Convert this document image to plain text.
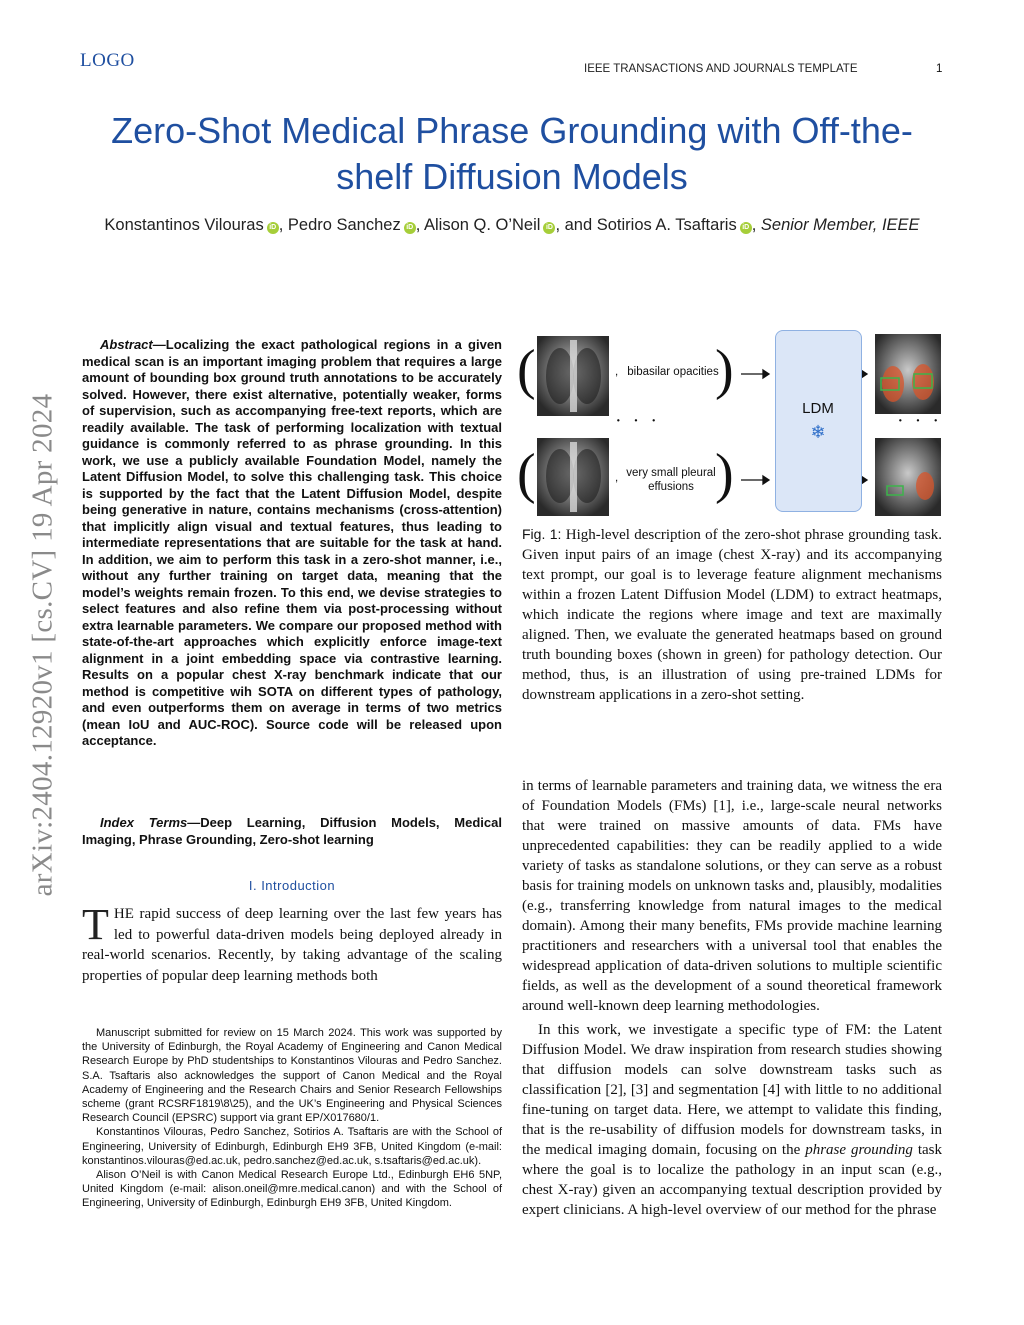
LOGO	IEEE TRANSACTIONS AND JOURNALS TEMPLATE	1
Zero-Shot Medical Phrase Grounding with Off-the-shelf Diffusion Models
Konstantinos Vilouras iD , Pedro Sanchez iD , Alison Q. O’Neil iD , and Sotirios A. Tsaftaris iD , Senior Member, IEEE
arXiv:2404.12920v1 [cs.CV] 19 Apr 2024
Abstract—Localizing the exact pathological regions in a given medical scan is an important imaging problem that requires a large amount of bounding box ground truth annotations to be accurately solved. However, there exist alternative, potentially weaker, forms of supervision, such as accompanying free-text reports, which are readily available. The task of performing localization with textual guidance is commonly referred to as phrase grounding. In this work, we use a publicly available Foundation Model, namely the Latent Diffusion Model, to solve this challenging task. This choice is supported by the fact that the Latent Diffusion Model, despite being generative in nature, contains mechanisms (cross-attention) that implicitly align visual and textual features, thus leading to intermediate representations that are suitable for the task at hand. In addition, we aim to perform this task in a zero-shot manner, i.e., without any further training on target data, meaning that the model’s weights remain frozen. To this end, we devise strategies to select features and also refine them via post-processing without extra learnable parameters. We compare our proposed method with state-of-the-art approaches which explicitly enforce image-text alignment in a joint embedding space via contrastive learning. Results on a popular chest X-ray benchmark indicate that our method is competitive wih SOTA on different types of pathology, and even outperforms them on average in terms of two metrics (mean IoU and AUC-ROC). Source code will be released upon acceptance.
Index Terms—Deep Learning, Diffusion Models, Medical Imaging, Phrase Grounding, Zero-shot learning
I. Introduction
THE rapid success of deep learning over the last few years has led to powerful data-driven models being deployed already in real-world scenarios. Recently, by taking advantage of the scaling properties of popular deep learning methods both

Manuscript submitted for review on 15 March 2024. This work was supported by the University of Edinburgh, the Royal Academy of Engineering and Canon Medical Research Europe by PhD studentships to Konstantinos Vilouras and Pedro Sanchez. S.A. Tsaftaris also acknowledges the support of Canon Medical and the Royal Academy of Engineering and the Research Chairs and Senior Research Fellowships scheme (grant RCSRF1819\8\25), and the UK’s Engineering and Physical Sciences Research Council (EPSRC) support via grant EP/X017680/1.

Konstantinos Vilouras, Pedro Sanchez, Sotirios A. Tsaftaris are with the School of Engineering, University of Edinburgh, Edinburgh EH9 3FB, United Kingdom (e-mail: konstantinos.vilouras@ed.ac.uk, pedro.sanchez@ed.ac.uk, s.tsaftaris@ed.ac.uk).

Alison O’Neil is with Canon Medical Research Europe Ltd., Edinburgh EH6 5NP, United Kingdom (e-mail: alison.oneil@mre.medical.canon) and with the School of Engineering, University of Edinburgh, Edinburgh EH9 3FB, United Kingdom.

(	)
(	)
, bibasilar opacities
, very small pleural effusions
· · ·	· · ·
LDM
❄
Fig. 1: High-level description of the zero-shot phrase grounding task. Given input pairs of an image (chest X-ray) and its accompanying text prompt, our goal is to leverage feature alignment mechanisms within a frozen Latent Diffusion Model (LDM) to extract heatmaps, which indicate the regions where image and text are maximally aligned. Then, we evaluate the generated heatmaps based on ground truth bounding boxes (shown in green) for pathology detection. Our method, thus, is an illustration of using pre-trained LDMs for downstream applications in a zero-shot setting.

in terms of learnable parameters and training data, we witness the era of Foundation Models (FMs) [1], i.e., large-scale neural networks that were trained on massive amounts of data. FMs have unprecedented capabilities: they can be readily applied to a wide variety of tasks as standalone solutions, or they can serve as a robust basis for training models on unknown tasks and, plausibly, modalities (e.g., transferring knowledge from natural images to the medical domain). Among their many benefits, FMs provide machine learning practitioners and researchers with a universal tool that enables the widespread application of data-driven solutions to multiple scientific fields, as well as the development of a sound theoretical framework around well-known deep learning methodologies.

In this work, we investigate a specific type of FM: the Latent Diffusion Model. We draw inspiration from research studies showing that diffusion models can solve downstream tasks such as classification [2], [3] and segmentation [4] with little to no additional fine-tuning on target data. Here, we attempt to validate this finding, that is the re-usability of diffusion models for downstream tasks, in the medical imaging domain, focusing on the phrase grounding task where the goal is to localize the pathology in an input scan (e.g., chest X-ray) given an accompanying textual description provided by expert clinicians. A high-level overview of our method for the phrase
